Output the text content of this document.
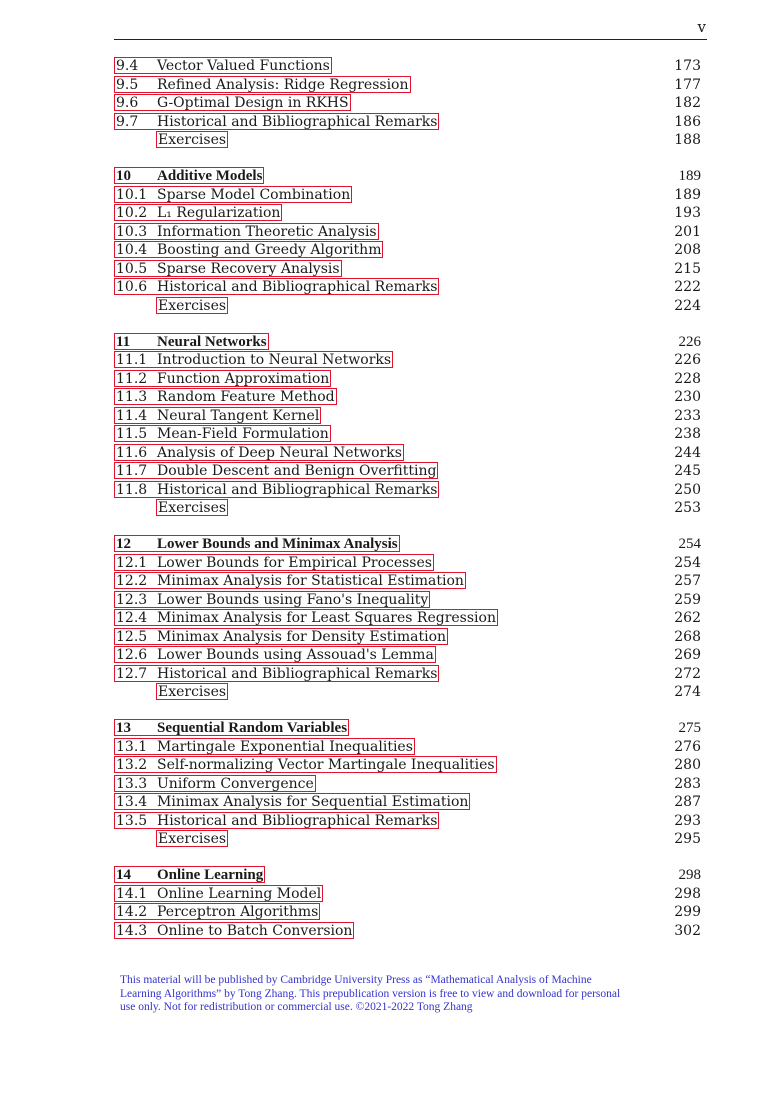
v
9.4 Vector Valued Functions	173
9.5 Refined Analysis: Ridge Regression	177
9.6 G-Optimal Design in RKHS	182
9.7 Historical and Bibliographical Remarks	186
Exercises	188
10 Additive Models	189
10.1 Sparse Model Combination	189
10.2 L₁ Regularization	193
10.3 Information Theoretic Analysis	201
10.4 Boosting and Greedy Algorithm	208
10.5 Sparse Recovery Analysis	215
10.6 Historical and Bibliographical Remarks	222
Exercises	224
11 Neural Networks	226
11.1 Introduction to Neural Networks	226
11.2 Function Approximation	228
11.3 Random Feature Method	230
11.4 Neural Tangent Kernel	233
11.5 Mean-Field Formulation	238
11.6 Analysis of Deep Neural Networks	244
11.7 Double Descent and Benign Overfitting	245
11.8 Historical and Bibliographical Remarks	250
Exercises	253
12 Lower Bounds and Minimax Analysis	254
12.1 Lower Bounds for Empirical Processes	254
12.2 Minimax Analysis for Statistical Estimation	257
12.3 Lower Bounds using Fano's Inequality	259
12.4 Minimax Analysis for Least Squares Regression	262
12.5 Minimax Analysis for Density Estimation	268
12.6 Lower Bounds using Assouad's Lemma	269
12.7 Historical and Bibliographical Remarks	272
Exercises	274
13 Sequential Random Variables	275
13.1 Martingale Exponential Inequalities	276
13.2 Self-normalizing Vector Martingale Inequalities	280
13.3 Uniform Convergence	283
13.4 Minimax Analysis for Sequential Estimation	287
13.5 Historical and Bibliographical Remarks	293
Exercises	295
14 Online Learning	298
14.1 Online Learning Model	298
14.2 Perceptron Algorithms	299
14.3 Online to Batch Conversion	302
This material will be published by Cambridge University Press as “Mathematical Analysis of Machine
Learning Algorithms” by Tong Zhang. This prepublication version is free to view and download for personal
use only. Not for redistribution or commercial use. ©2021-2022 Tong Zhang
